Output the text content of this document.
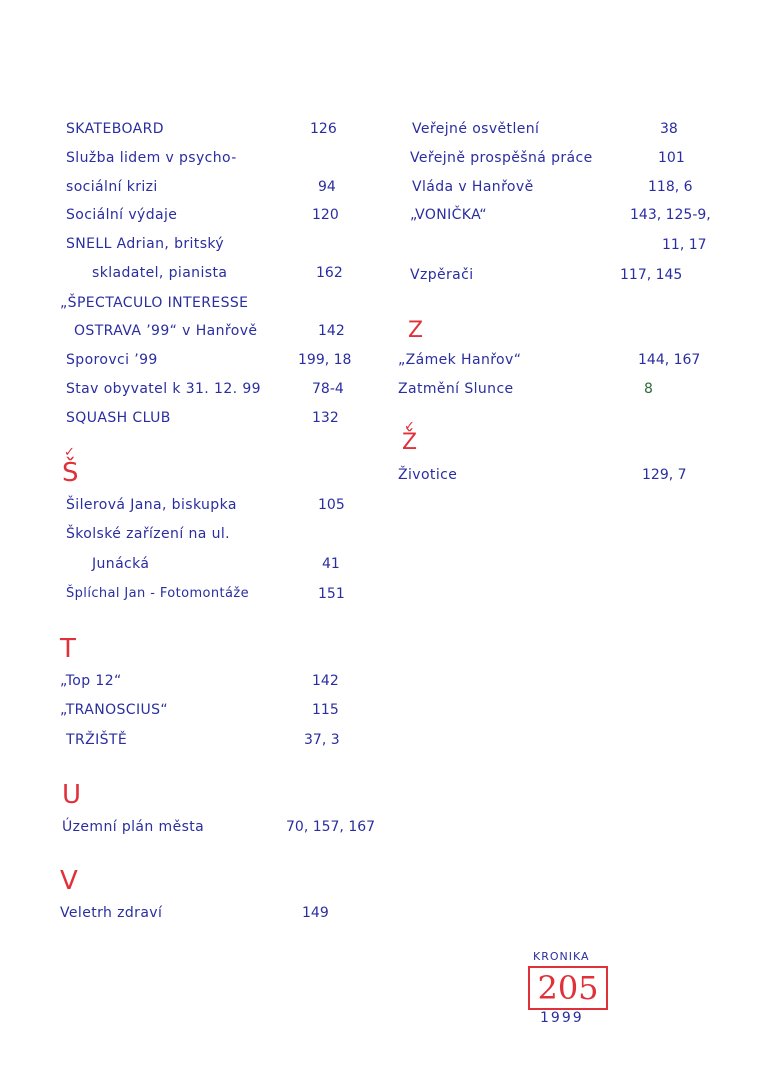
SKATEBOARD	126
Služba lidem v psycho-
sociální krizi	94
Sociální výdaje	120
SNELL Adrian, britský
skladatel, pianista	162
„ŠPECTACULO INTERESSE
OSTRAVA ’99“ v Hanřově	142
Sporovci ’99	199, 18
Stav obyvatel k 31. 12. 99	78-4
SQUASH CLUB	132
✓
Š
Šilerová Jana, biskupka	105
Školské zařízení na ul.
Junácká	41
Šplíchal Jan - Fotomontáže	151
T
„Top 12“	142
„TRANOSCIUS“	115
TRŽIŠTĚ	37, 3
U
Územní plán města	70, 157, 167
V
Veletrh zdraví	149
Veřejné osvětlení	38
Veřejně prospěšná práce	101
Vláda v Hanřově	118, 6
„VONIČKA“	143, 125-9,
11, 17
Vzpěrači	117, 145
Z
„Zámek Hanřov“	144, 167
Zatmění Slunce	8
✓
Ž
Životice	129, 7
KRONIKA
205
1999
